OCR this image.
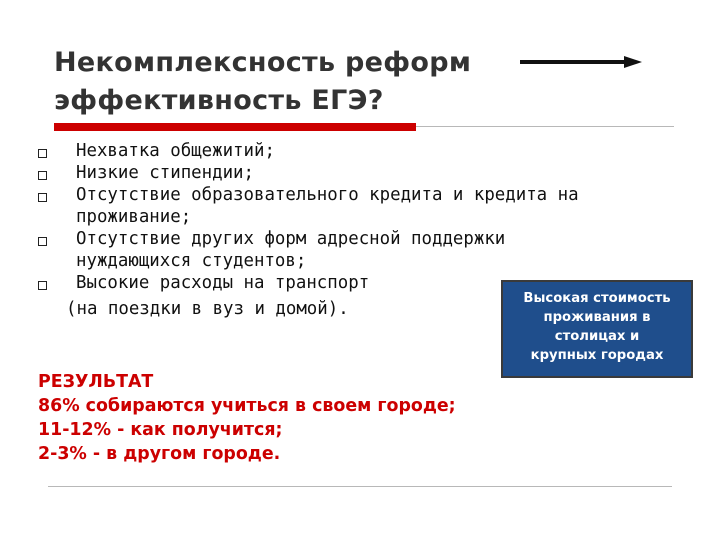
Некомплексность реформ
эффективность ЕГЭ?
Нехватка общежитий;
Низкие стипендии;
Отсутствие образовательного кредита и кредита на
проживание;
Отсутствие других форм адресной поддержки
нуждающихся студентов;
Высокие расходы на транспорт
(на поездки в вуз и домой).
Высокая стоимость
проживания в
столицах и
крупных городах
РЕЗУЛЬТАТ
86% собираются учиться в своем городе;
11-12% - как получится;
2-3% - в другом городе.
